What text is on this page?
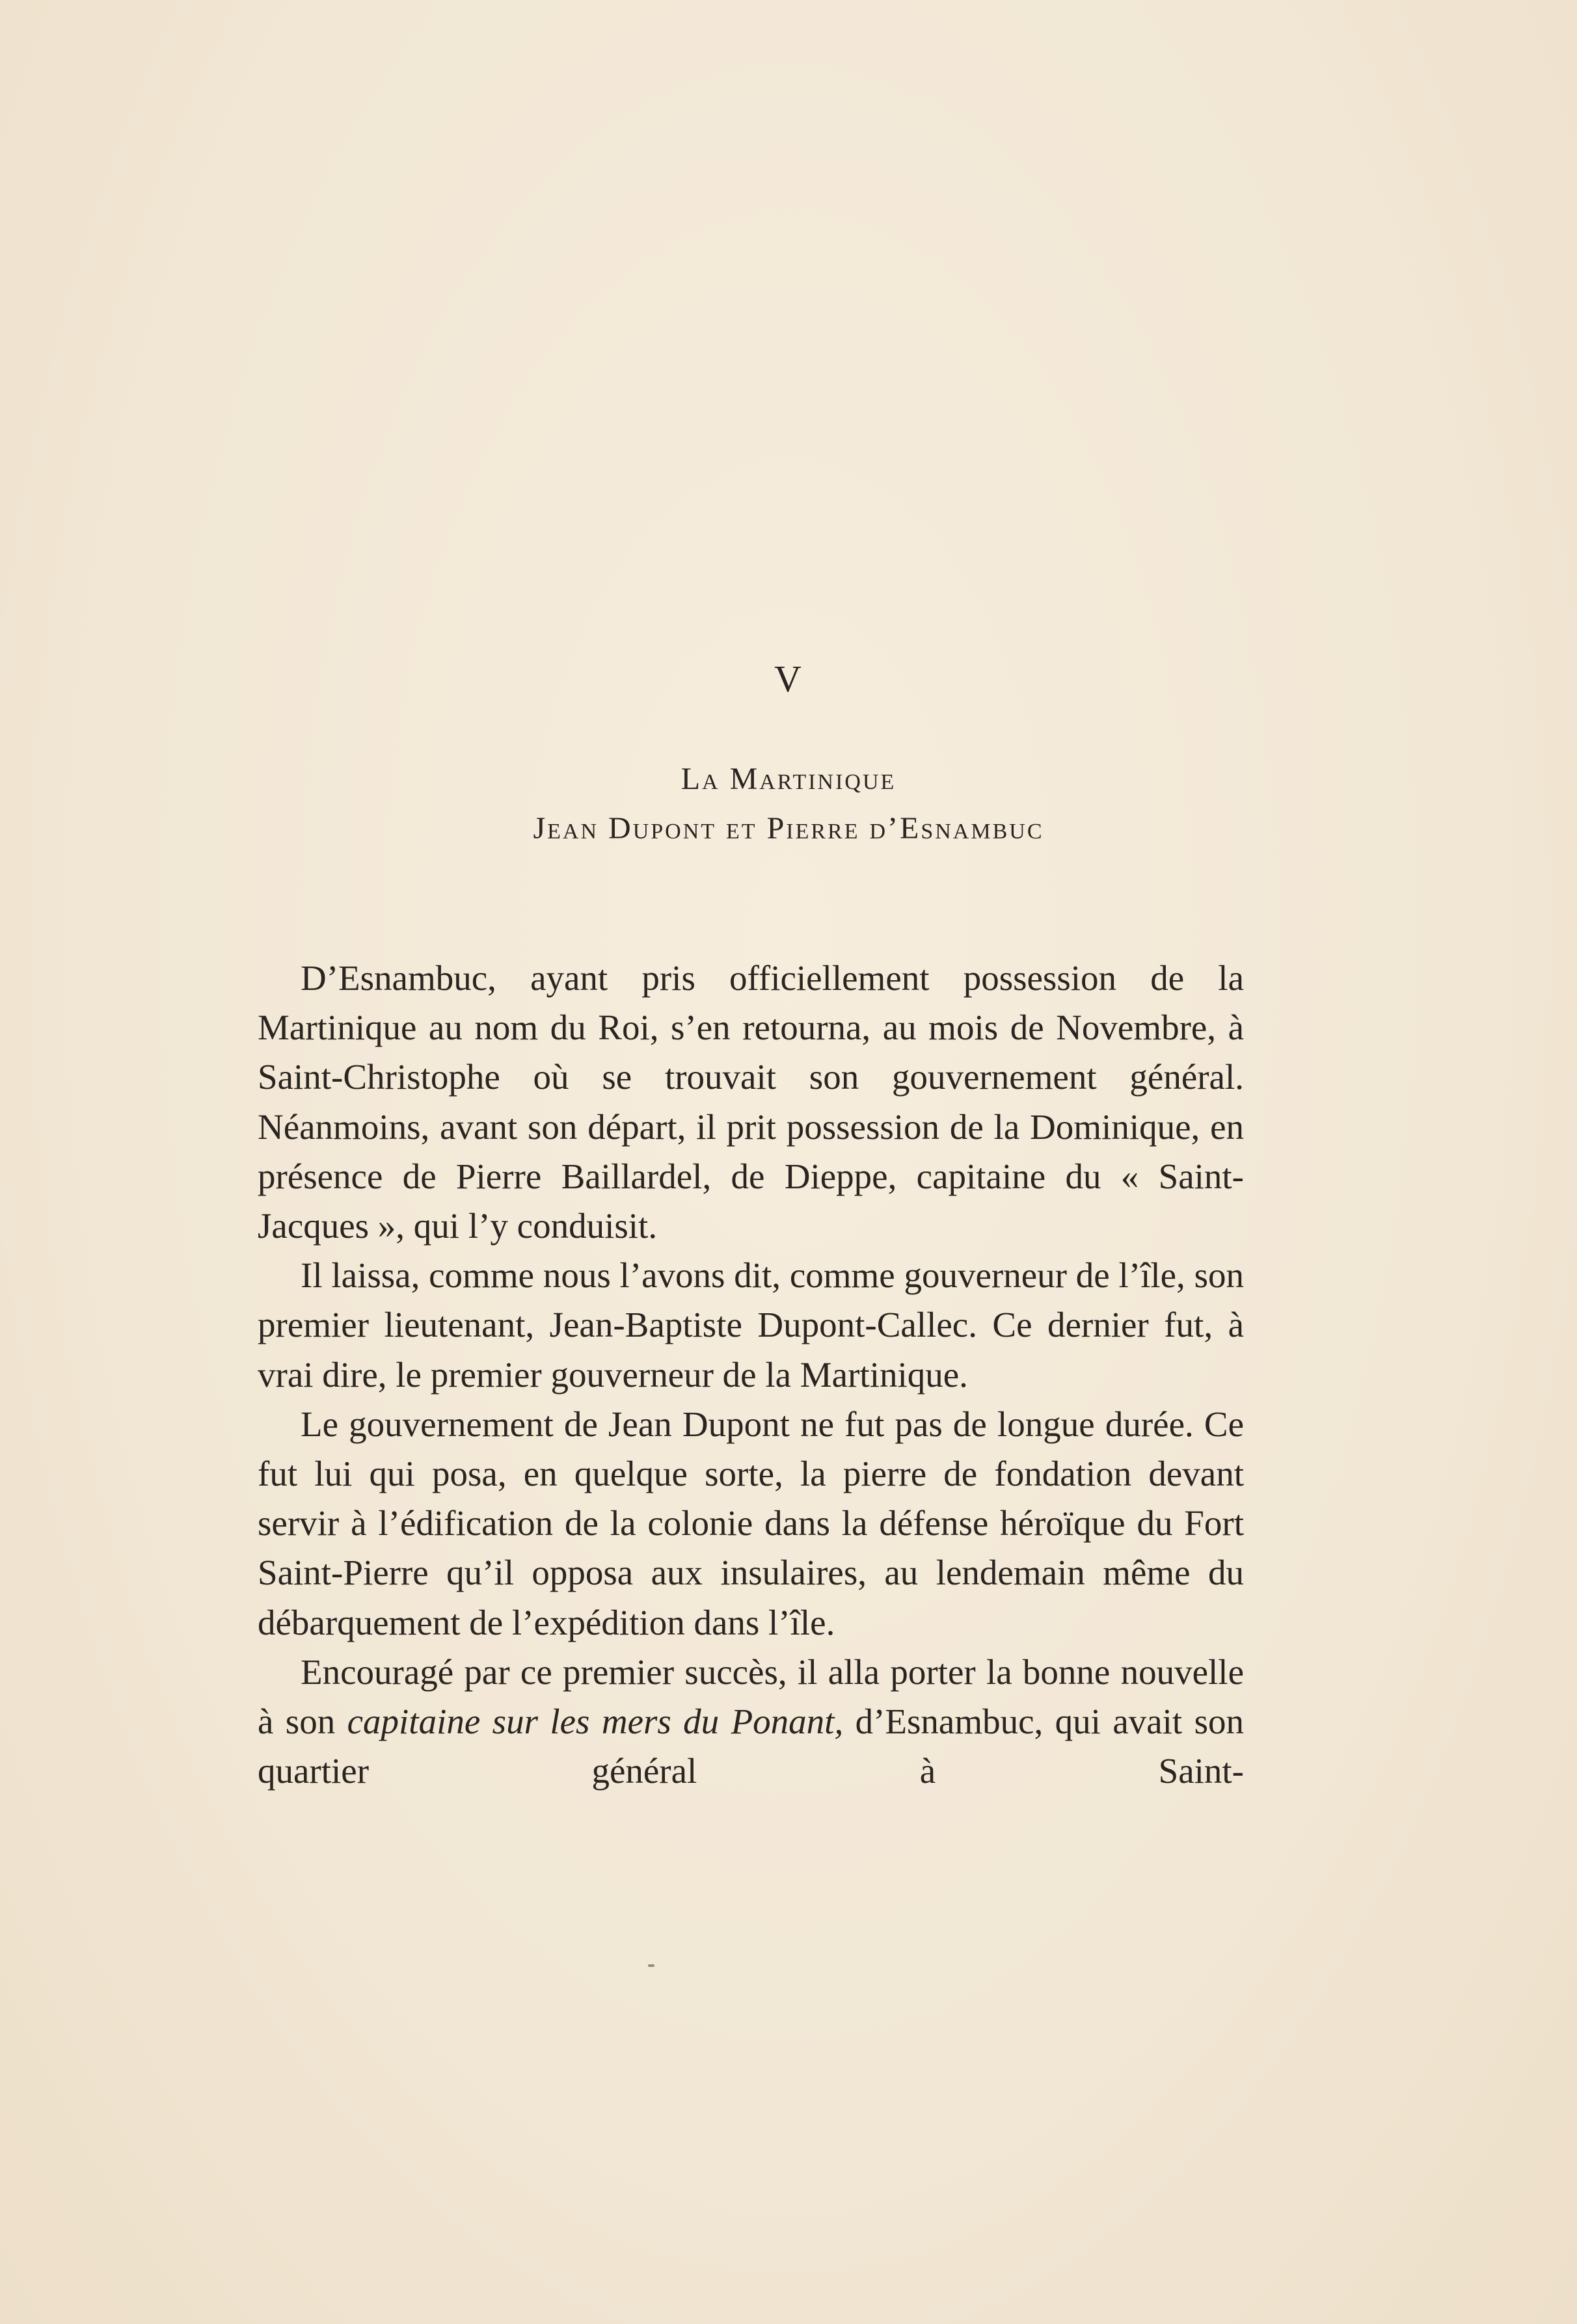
V
La Martinique
Jean Dupont et Pierre d’Esnambuc

D’Esnambuc, ayant pris officiellement possession de la Martinique au nom du Roi, s’en retourna, au mois de Novembre, à Saint-Christophe où se trouvait son gouvernement général. Néanmoins, avant son départ, il prit possession de la Dominique, en présence de Pierre Baillardel, de Dieppe, capitaine du « Saint-Jacques », qui l’y conduisit.

Il laissa, comme nous l’avons dit, comme gouverneur de l’île, son premier lieutenant, Jean-Baptiste Dupont-Callec. Ce dernier fut, à vrai dire, le premier gouverneur de la Martinique.

Le gouvernement de Jean Dupont ne fut pas de longue durée. Ce fut lui qui posa, en quelque sorte, la pierre de fondation devant servir à l’édification de la colonie dans la défense héroïque du Fort Saint-Pierre qu’il opposa aux insulaires, au lendemain même du débarquement de l’expédition dans l’île.

Encouragé par ce premier succès, il alla porter la bonne nouvelle à son capitaine sur les mers du Ponant, d’Esnambuc, qui avait son quartier général à Saint-
